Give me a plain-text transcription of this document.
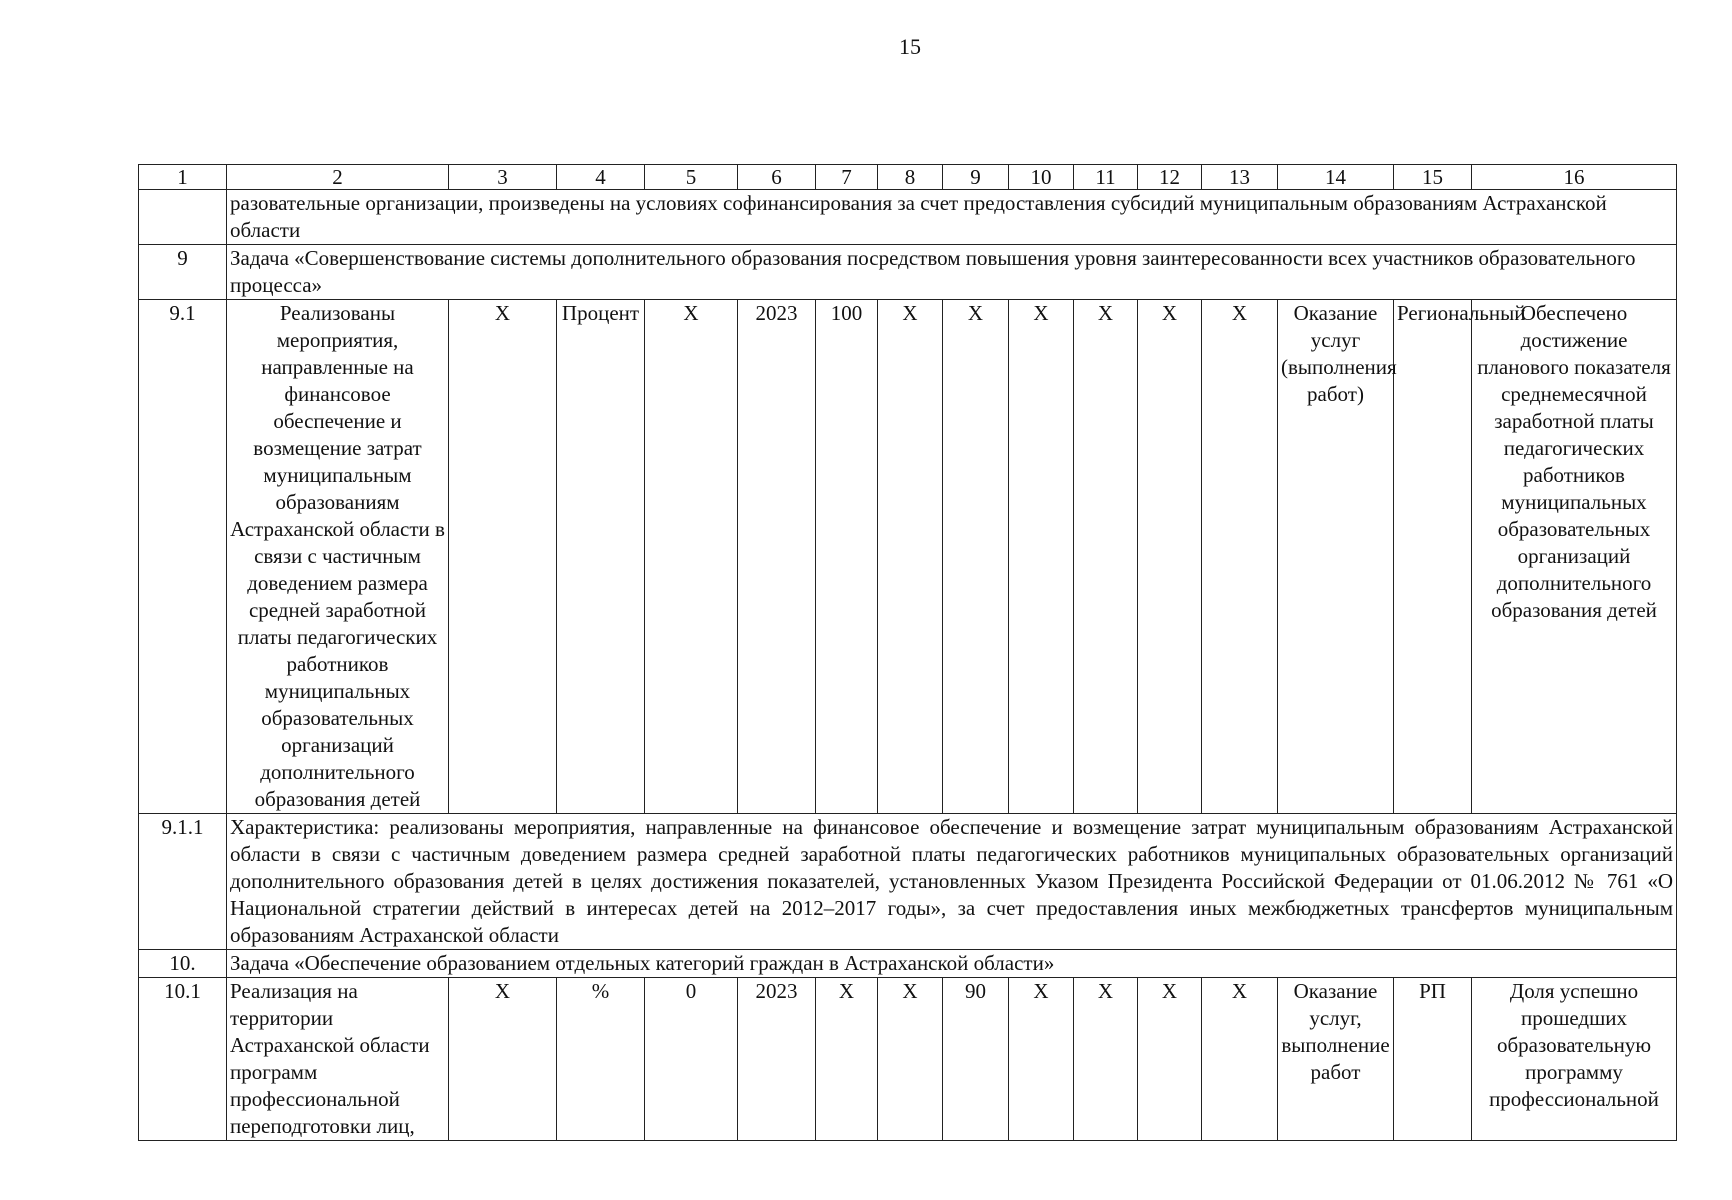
15
1	2	3	4	5	6	7	8	9	10	11	12	13	14	15	16
	разовательные организации, произведены на условиях софинансирования за счет предоставления субсидий муниципальным образованиям Астраханской области														
9	Задача «Совершенствование системы дополнительного образования посредством повышения уровня заинтересованности всех участников образовательного процесса»														
9.1	Реализованы мероприятия, направленные на финансовое обеспечение и возмещение затрат муниципальным образованиям Астраханской области в связи с частичным доведением размера средней заработной платы педагогических работников муниципальных образовательных организаций дополнительного образования детей	Х	Процент	Х	2023	100	Х	Х	Х	Х	Х	Х	Оказание услуг (выполнения работ)	Региональный	Обеспечено достижение планового показателя среднемесячной заработной платы педагогических работников муниципальных образовательных организаций дополнительного образования детей
9.1.1	Характеристика: реализованы мероприятия, направленные на финансовое обеспечение и возмещение затрат муниципальным образованиям Астраханской области в связи с частичным доведением размера средней заработной платы педагогических работников муниципальных образовательных организаций дополнительного образования детей в целях достижения показателей, установленных Указом Президента Российской Федерации от 01.06.2012 № 761 «О Национальной стратегии действий в интересах детей на 2012–2017 годы», за счет предоставления иных межбюджетных трансфертов муниципальным образованиям Астраханской области														
10.	Задача «Обеспечение образованием отдельных категорий граждан в Астраханской области»														
10.1	Реализация на территории Астраханской области программ профессиональной переподготовки лиц,	Х	%	0	2023	Х	Х	90	Х	Х	Х	Х	Оказание услуг, выполнение работ	РП	Доля успешно прошедших образовательную программу профессиональной
